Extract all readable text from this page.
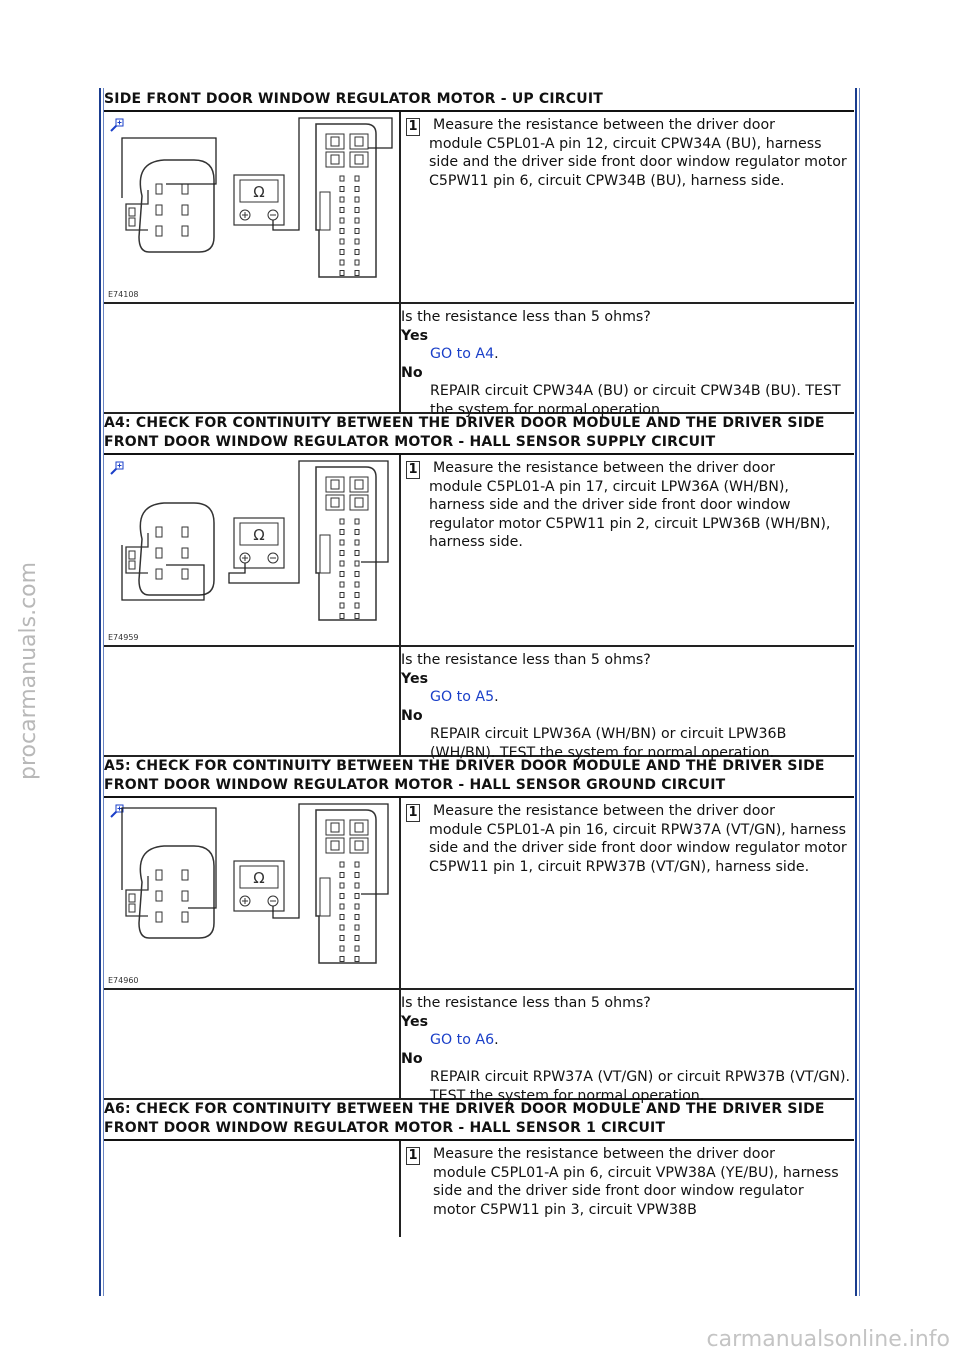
procarmanuals.com
carmanualsonline.info
SIDE FRONT DOOR WINDOW REGULATOR MOTOR - UP CIRCUIT
Ω
E74108
1 Measure the resistance between the driver door
module C5PL01-A pin 12, circuit CPW34A (BU), harness side and the driver side front door window regulator motor C5PW11 pin 6, circuit CPW34B (BU), harness side.
Is the resistance less than 5 ohms?
Yes
GO to A4.
No
REPAIR circuit CPW34A (BU) or circuit CPW34B (BU). TEST the system for normal operation.
A4: CHECK FOR CONTINUITY BETWEEN THE DRIVER DOOR MODULE AND THE DRIVER SIDE FRONT DOOR WINDOW REGULATOR MOTOR - HALL SENSOR SUPPLY CIRCUIT
Ω
E74959
1 Measure the resistance between the driver door
module C5PL01-A pin 17, circuit LPW36A (WH/BN), harness side and the driver side front door window regulator motor C5PW11 pin 2, circuit LPW36B (WH/BN), harness side.
Is the resistance less than 5 ohms?
Yes
GO to A5.
No
REPAIR circuit LPW36A (WH/BN) or circuit LPW36B (WH/BN). TEST the system for normal operation.
A5: CHECK FOR CONTINUITY BETWEEN THE DRIVER DOOR MODULE AND THE DRIVER SIDE FRONT DOOR WINDOW REGULATOR MOTOR - HALL SENSOR GROUND CIRCUIT
Ω
E74960
1 Measure the resistance between the driver door
module C5PL01-A pin 16, circuit RPW37A (VT/GN), harness side and the driver side front door window regulator motor C5PW11 pin 1, circuit RPW37B (VT/GN), harness side.
Is the resistance less than 5 ohms?
Yes
GO to A6.
No
REPAIR circuit RPW37A (VT/GN) or circuit RPW37B (VT/GN). TEST the system for normal operation.
A6: CHECK FOR CONTINUITY BETWEEN THE DRIVER DOOR MODULE AND THE DRIVER SIDE FRONT DOOR WINDOW REGULATOR MOTOR - HALL SENSOR 1 CIRCUIT
1 Measure the resistance between the driver door
module C5PL01-A pin 6, circuit VPW38A (YE/BU), harness side and the driver side front door window regulator motor C5PW11 pin 3, circuit VPW38B
